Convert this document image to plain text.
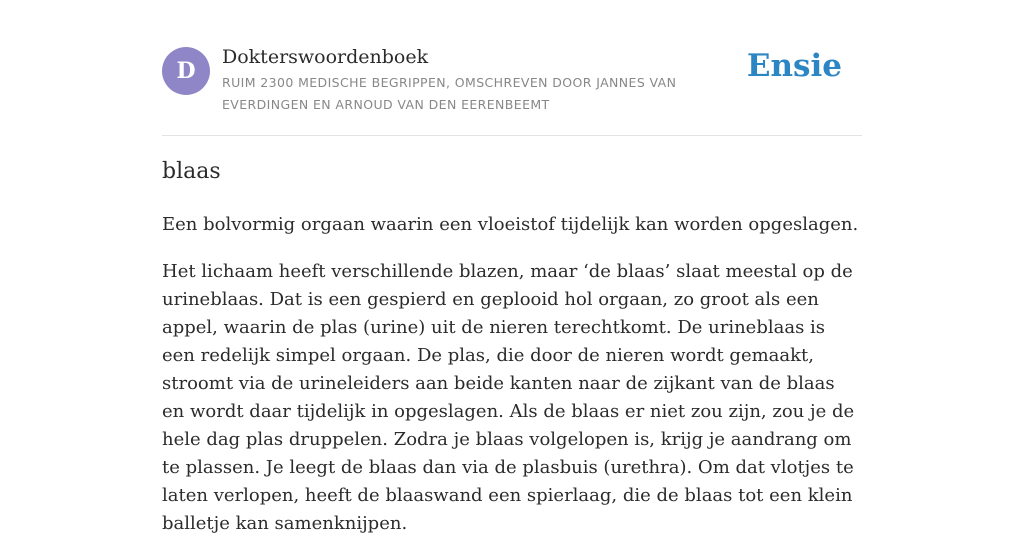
D
Dokterswoordenboek
RUIM 2300 MEDISCHE BEGRIPPEN, OMSCHREVEN DOOR JANNES VAN EVERDINGEN EN ARNOUD VAN DEN EERENBEEMT
Ensie
blaas

Een bolvormig orgaan waarin een vloeistof tijdelijk kan worden opgeslagen.

Het lichaam heeft verschillende blazen, maar ‘de blaas’ slaat meestal op de urineblaas. Dat is een gespierd en geplooid hol orgaan, zo groot als een appel, waarin de plas (urine) uit de nieren terechtkomt. De urineblaas is een redelijk simpel orgaan. De plas, die door de nieren wordt gemaakt, stroomt via de urineleiders aan beide kanten naar de zijkant van de blaas en wordt daar tijdelijk in opgeslagen. Als de blaas er niet zou zijn, zou je de hele dag plas druppelen. Zodra je blaas volgelopen is, krijg je aandrang om te plassen. Je leegt de blaas dan via de plasbuis (urethra). Om dat vlotjes te laten verlopen, heeft de blaaswand een spierlaag, die de blaas tot een klein balletje kan samenknijpen.
